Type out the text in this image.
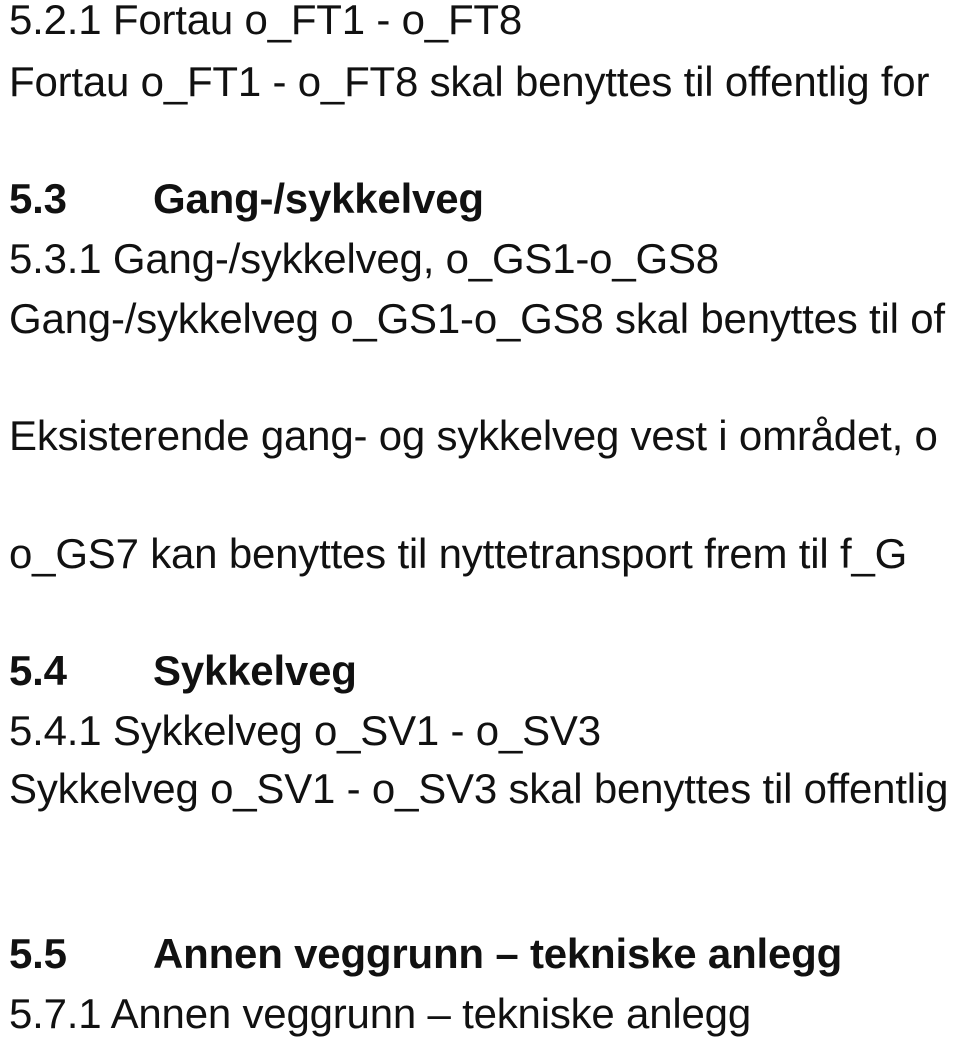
5.2.1 Fortau o_FT1 - o_FT8
Fortau o_FT1 - o_FT8 skal benyttes til offentlig for
5.3 Gang-/sykkelveg
5.3.1 Gang-/sykkelveg, o_GS1-o_GS8
Gang-/sykkelveg o_GS1-o_GS8 skal benyttes til of
Eksisterende gang- og sykkelveg vest i området, o
o_GS7 kan benyttes til nyttetransport frem til f_G
5.4 Sykkelveg
5.4.1 Sykkelveg o_SV1 - o_SV3
Sykkelveg o_SV1 - o_SV3 skal benyttes til offentlig
5.5 Annen veggrunn – tekniske anlegg
5.7.1 Annen veggrunn – tekniske anlegg
